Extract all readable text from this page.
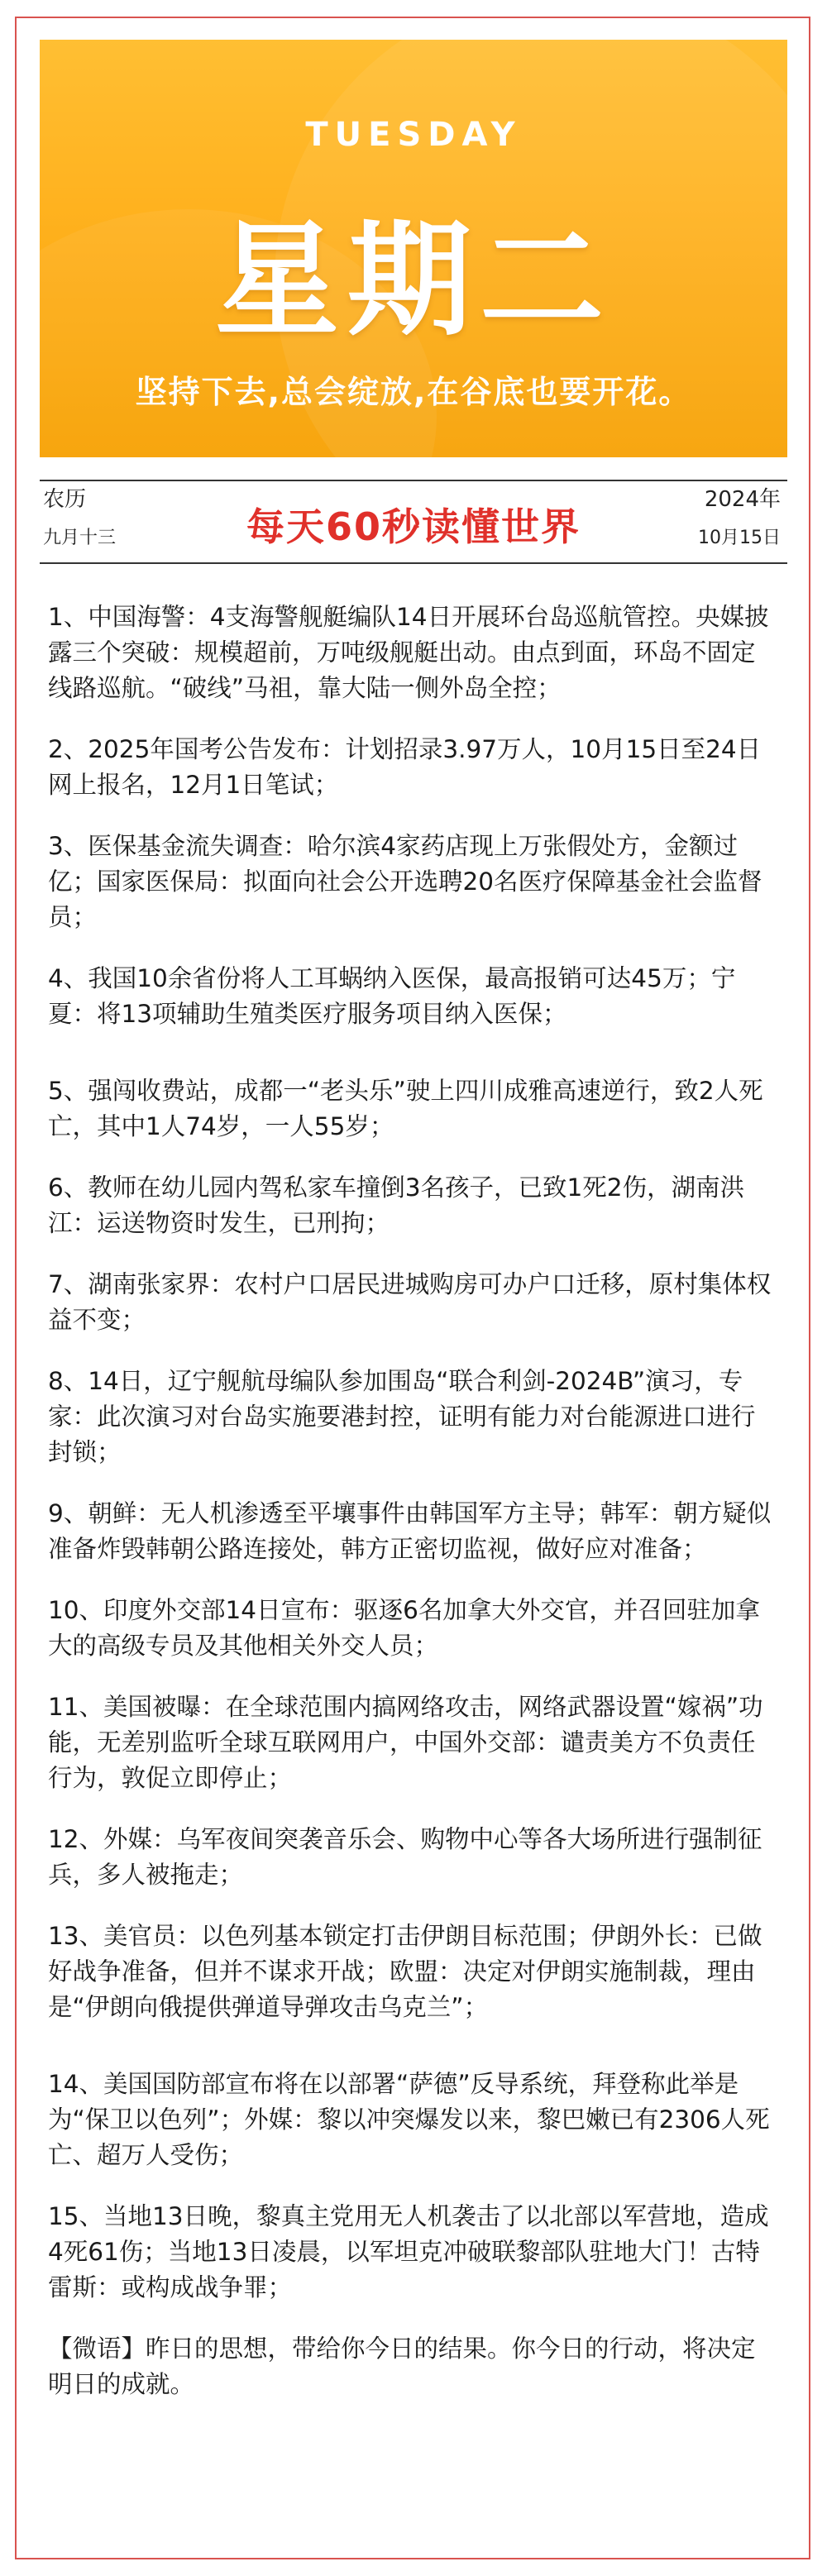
TUESDAY
星期二
坚持下去,总会绽放,在谷底也要开花。
农历
九月十三	每天60秒读懂世界
2024年
10月15日
1、中国海警：4支海警舰艇编队14日开展环台岛巡航管控。央媒披露三个突破：规模超前，万吨级舰艇出动。由点到面，环岛不固定线路巡航。“破线”马祖，靠大陆一侧外岛全控；
2、2025年国考公告发布：计划招录3.97万人，10月15日至24日网上报名，12月1日笔试；
3、医保基金流失调查：哈尔滨4家药店现上万张假处方，金额过亿；国家医保局：拟面向社会公开选聘20名医疗保障基金社会监督员；
4、我国10余省份将人工耳蜗纳入医保，最高报销可达45万；宁夏：将13项辅助生殖类医疗服务项目纳入医保；
5、强闯收费站，成都一“老头乐”驶上四川成雅高速逆行，致2人死亡，其中1人74岁，一人55岁；
6、教师在幼儿园内驾私家车撞倒3名孩子，已致1死2伤，湖南洪江：运送物资时发生，已刑拘；
7、湖南张家界：农村户口居民进城购房可办户口迁移，原村集体权益不变；
8、14日，辽宁舰航母编队参加围岛“联合利剑-2024B”演习，专家：此次演习对台岛实施要港封控，证明有能力对台能源进口进行封锁；
9、朝鲜：无人机渗透至平壤事件由韩国军方主导；韩军：朝方疑似准备炸毁韩朝公路连接处，韩方正密切监视，做好应对准备；
10、印度外交部14日宣布：驱逐6名加拿大外交官，并召回驻加拿大的高级专员及其他相关外交人员；
11、美国被曝：在全球范围内搞网络攻击，网络武器设置“嫁祸”功能，无差别监听全球互联网用户，中国外交部：谴责美方不负责任行为，敦促立即停止；
12、外媒：乌军夜间突袭音乐会、购物中心等各大场所进行强制征兵，多人被拖走；
13、美官员：以色列基本锁定打击伊朗目标范围；伊朗外长：已做好战争准备，但并不谋求开战；欧盟：决定对伊朗实施制裁，理由是“伊朗向俄提供弹道导弹攻击乌克兰”；
14、美国国防部宣布将在以部署“萨德”反导系统，拜登称此举是为“保卫以色列”；外媒：黎以冲突爆发以来，黎巴嫩已有2306人死亡、超万人受伤；
15、当地13日晚，黎真主党用无人机袭击了以北部以军营地，造成4死61伤；当地13日凌晨，以军坦克冲破联黎部队驻地大门！古特雷斯：或构成战争罪；
【微语】昨日的思想，带给你今日的结果。你今日的行动，将决定明日的成就。
